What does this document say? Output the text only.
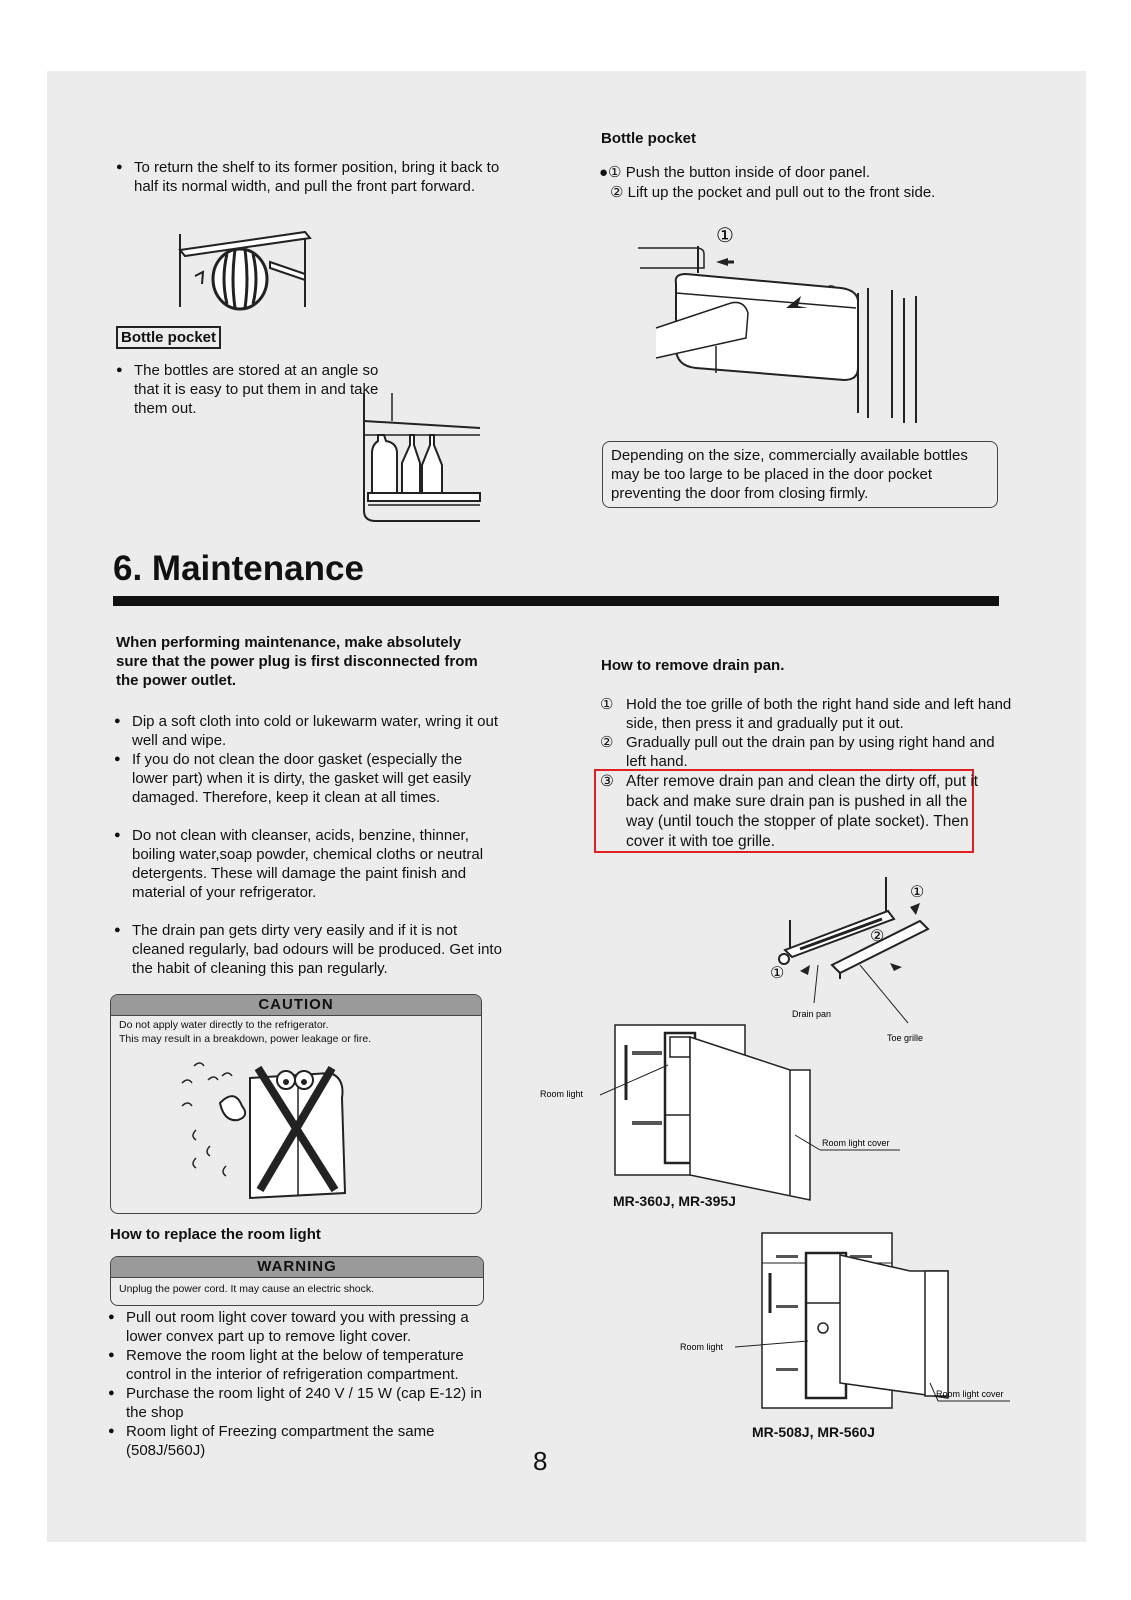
● To return the shelf to its former position, bring it back to half its normal width, and pull the front part forward.
Bottle pocket
● The bottles are stored at an angle so that it is easy to put them in and take them out.
Bottle pocket
●① Push the button inside of door panel.
② Lift up the pocket and pull out to the front side.
①
Depending on the size, commercially available bottles may be too large to be placed in the door pocket preventing the door from closing firmly.
6. Maintenance
When performing maintenance, make absolutely sure that the power plug is first disconnected from the power outlet.
● Dip a soft cloth into cold or lukewarm water, wring it out well and wipe.
● If you do not clean the door gasket (especially the lower part) when it is dirty, the gasket will get easily damaged. Therefore, keep it clean at all times.
● Do not clean with cleanser, acids, benzine, thinner, boiling water,soap powder, chemical cloths or neutral detergents. These will damage the paint finish and material of your refrigerator.
● The drain pan gets dirty very easily and if it is not cleaned regularly, bad odours will be produced. Get into the habit of cleaning this pan regularly.
CAUTION
Do not apply water directly to the refrigerator.
This may result in a breakdown, power leakage or fire.
How to replace the room light
WARNING
Unplug the power cord. It may cause an electric shock.
● Pull out room light cover toward you with pressing a lower convex part up to remove light cover.
● Remove the room light at the below of temperature control in the interior of refrigeration compartment.
● Purchase the room light of 240 V / 15 W (cap E-12) in the shop
● Room light of Freezing compartment the same (508J/560J)
How to remove drain pan.
① Hold the toe grille of both the right hand side and left hand side, then press it and gradually put it out.
② Gradually pull out the drain pan by using right hand and left hand.
③ After remove drain pan and clean the dirty off, put it back and make sure drain pan is pushed in all the way (until touch the stopper of plate socket). Then cover it with toe grille.
①
②
①
Drain pan
Toe grille
Room light
Room light cover
MR-360J, MR-395J
Room light
Room light cover
MR-508J, MR-560J
8
